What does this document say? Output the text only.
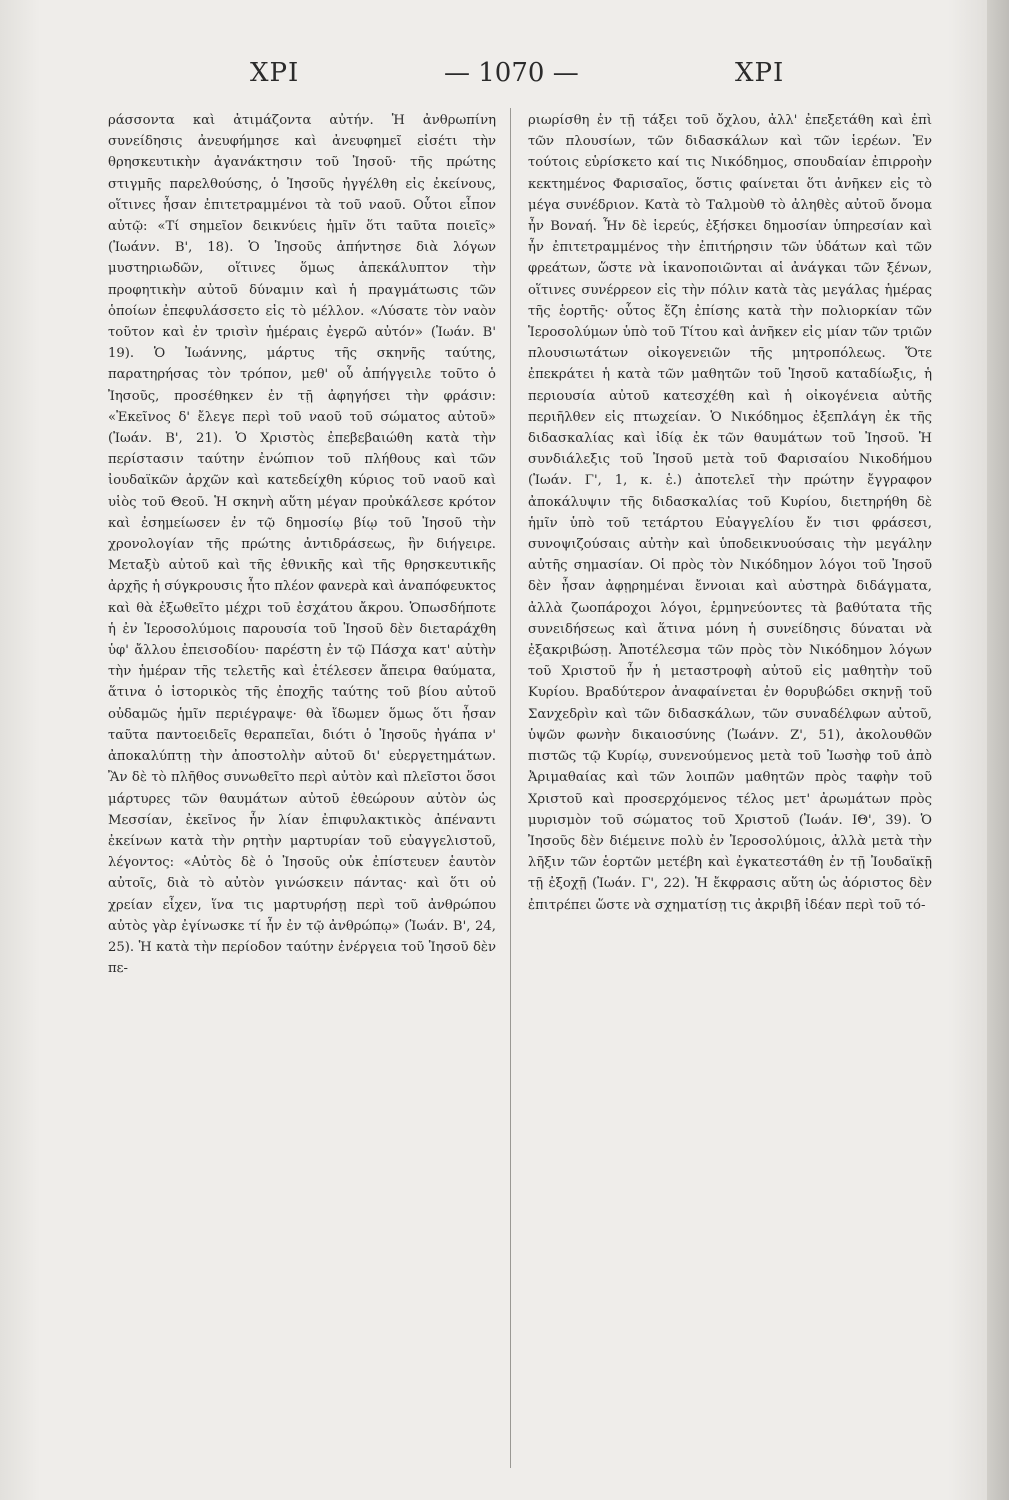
ΧΡΙ	— 1070 —	ΧΡΙ

ράσσοντα καὶ ἀτιμάζοντα αὐτήν. Ἡ ἀνθρωπίνη συνείδησις ἀνευφήμησε καὶ ἀνευφημεῖ εἰσέτι τὴν θρησκευτικὴν ἀγανάκτησιν τοῦ Ἰησοῦ· τῆς πρώτης στιγμῆς παρελθούσης, ὁ Ἰησοῦς ἠγγέλθη εἰς ἐκείνους, οἵτινες ἦσαν ἐπιτετραμμένοι τὰ τοῦ ναοῦ. Οὗτοι εἶπον αὐτῷ: «Τί σημεῖον δεικνύεις ἡμῖν ὅτι ταῦτα ποιεῖς» (Ἰωάνν. Β', 18). Ὁ Ἰησοῦς ἀπήντησε διὰ λόγων μυστηριωδῶν, οἵτινες ὅμως ἀπεκάλυπτον τὴν προφητικὴν αὐτοῦ δύναμιν καὶ ἡ πραγμάτωσις τῶν ὁποίων ἐπεφυλάσσετο εἰς τὸ μέλλον. «Λύσατε τὸν ναὸν τοῦτον καὶ ἐν τρισὶν ἡμέραις ἐγερῶ αὐτόν» (Ἰωάν. Β' 19). Ὁ Ἰωάννης, μάρτυς τῆς σκηνῆς ταύτης, παρατηρήσας τὸν τρόπον, μεθ' οὗ ἀπήγγειλε τοῦτο ὁ Ἰησοῦς, προσέθηκεν ἐν τῇ ἀφηγήσει τὴν φράσιν: «Ἐκεῖνος δ' ἔλεγε περὶ τοῦ ναοῦ τοῦ σώματος αὐτοῦ» (Ἰωάν. Β', 21). Ὁ Χριστὸς ἐπεβεβαιώθη κατὰ τὴν περίστασιν ταύτην ἐνώπιον τοῦ πλήθους καὶ τῶν ἰουδαϊκῶν ἀρχῶν καὶ κατεδείχθη κύριος τοῦ ναοῦ καὶ υἱὸς τοῦ Θεοῦ. Ἡ σκηνὴ αὕτη μέγαν προὐκάλεσε κρότον καὶ ἐσημείωσεν ἐν τῷ δημοσίῳ βίῳ τοῦ Ἰησοῦ τὴν χρονολογίαν τῆς πρώτης ἀντιδράσεως, ἣν διήγειρε. Μεταξὺ αὐτοῦ καὶ τῆς ἐθνικῆς καὶ τῆς θρησκευτικῆς ἀρχῆς ἡ σύγκρουσις ἦτο πλέον φανερὰ καὶ ἀναπόφευκτος καὶ θὰ ἐξωθεῖτο μέχρι τοῦ ἐσχάτου ἄκρου. Ὁπωσδήποτε ἡ ἐν Ἱεροσολύμοις παρουσία τοῦ Ἰησοῦ δὲν διεταράχθη ὑφ' ἄλλου ἐπεισοδίου· παρέστη ἐν τῷ Πάσχα κατ' αὐτὴν τὴν ἡμέραν τῆς τελετῆς καὶ ἐτέλεσεν ἄπειρα θαύματα, ἅτινα ὁ ἱστορικὸς τῆς ἐποχῆς ταύτης τοῦ βίου αὐτοῦ οὐδαμῶς ἡμῖν περιέγραψε· θὰ ἴδωμεν ὅμως ὅτι ἦσαν ταῦτα παντοειδεῖς θεραπεῖαι, διότι ὁ Ἰησοῦς ἠγάπα ν' ἀποκαλύπτῃ τὴν ἀποστολὴν αὐτοῦ δι' εὐεργετημάτων. Ἂν δὲ τὸ πλῆθος συνωθεῖτο περὶ αὐτὸν καὶ πλεῖστοι ὅσοι μάρτυρες τῶν θαυμάτων αὐτοῦ ἐθεώρουν αὐτὸν ὡς Μεσσίαν, ἐκεῖνος ἦν λίαν ἐπιφυλακτικὸς ἀπέναντι ἐκείνων κατὰ τὴν ρητὴν μαρτυρίαν τοῦ εὐαγγελιστοῦ, λέγοντος: «Αὐτὸς δὲ ὁ Ἰησοῦς οὐκ ἐπίστευεν ἑαυτὸν αὐτοῖς, διὰ τὸ αὐτὸν γινώσκειν πάντας· καὶ ὅτι οὐ χρείαν εἶχεν, ἵνα τις μαρτυρήσῃ περὶ τοῦ ἀνθρώπου αὐτὸς γὰρ ἐγίνωσκε τί ἦν ἐν τῷ ἀνθρώπῳ» (Ἰωάν. Β', 24, 25). Ἡ κατὰ τὴν περίοδον ταύτην ἐνέργεια τοῦ Ἰησοῦ δὲν πε-

ριωρίσθη ἐν τῇ τάξει τοῦ ὄχλου, ἀλλ' ἐπεξετάθη καὶ ἐπὶ τῶν πλουσίων, τῶν διδασκάλων καὶ τῶν ἱερέων. Ἐν τούτοις εὑρίσκετο καί τις Νικόδημος, σπουδαίαν ἐπιρροὴν κεκτημένος Φαρισαῖος, ὅστις φαίνεται ὅτι ἀνῆκεν εἰς τὸ μέγα συνέδριον. Κατὰ τὸ Ταλμοὺθ τὸ ἀληθὲς αὐτοῦ ὄνομα ἦν Βοναή. Ἦν δὲ ἱερεύς, ἐξήσκει δημοσίαν ὑπηρεσίαν καὶ ἦν ἐπιτετραμμένος τὴν ἐπιτήρησιν τῶν ὑδάτων καὶ τῶν φρεάτων, ὥστε νὰ ἱκανοποιῶνται αἱ ἀνάγκαι τῶν ξένων, οἵτινες συνέρρεον εἰς τὴν πόλιν κατὰ τὰς μεγάλας ἡμέρας τῆς ἑορτῆς· οὗτος ἔζη ἐπίσης κατὰ τὴν πολιορκίαν τῶν Ἱεροσολύμων ὑπὸ τοῦ Τίτου καὶ ἀνῆκεν εἰς μίαν τῶν τριῶν πλουσιωτάτων οἰκογενειῶν τῆς μητροπόλεως. Ὅτε ἐπεκράτει ἡ κατὰ τῶν μαθητῶν τοῦ Ἰησοῦ καταδίωξις, ἡ περιουσία αὐτοῦ κατεσχέθη καὶ ἡ οἰκογένεια αὐτῆς περιῆλθεν εἰς πτωχείαν. Ὁ Νικόδημος ἐξεπλάγη ἐκ τῆς διδασκαλίας καὶ ἰδίᾳ ἐκ τῶν θαυμάτων τοῦ Ἰησοῦ. Ἡ συνδιάλεξις τοῦ Ἰησοῦ μετὰ τοῦ Φαρισαίου Νικοδήμου (Ἰωάν. Γ', 1, κ. ἑ.) ἀποτελεῖ τὴν πρώτην ἔγγραφον ἀποκάλυψιν τῆς διδασκαλίας τοῦ Κυρίου, διετηρήθη δὲ ἡμῖν ὑπὸ τοῦ τετάρτου Εὐαγγελίου ἔν τισι φράσεσι, συνοψιζούσαις αὐτὴν καὶ ὑποδεικνυούσαις τὴν μεγάλην αὐτῆς σημασίαν. Οἱ πρὸς τὸν Νικόδημον λόγοι τοῦ Ἰησοῦ δὲν ἦσαν ἀφῃρημέναι ἔννοιαι καὶ αὐστηρὰ διδάγματα, ἀλλὰ ζωοπάροχοι λόγοι, ἑρμηνεύοντες τὰ βαθύτατα τῆς συνειδήσεως καὶ ἅτινα μόνη ἡ συνείδησις δύναται νὰ ἐξακριβώσῃ. Ἀποτέλεσμα τῶν πρὸς τὸν Νικόδημον λόγων τοῦ Χριστοῦ ἦν ἡ μεταστροφὴ αὐτοῦ εἰς μαθητὴν τοῦ Κυρίου. Βραδύτερον ἀναφαίνεται ἐν θορυβώδει σκηνῇ τοῦ Σανχεδρὶν καὶ τῶν διδασκάλων, τῶν συναδέλφων αὐτοῦ, ὑψῶν φωνὴν δικαιοσύνης (Ἰωάνν. Ζ', 51), ἀκολουθῶν πιστῶς τῷ Κυρίῳ, συνενούμενος μετὰ τοῦ Ἰωσὴφ τοῦ ἀπὸ Ἀριμαθαίας καὶ τῶν λοιπῶν μαθητῶν πρὸς ταφὴν τοῦ Χριστοῦ καὶ προσερχόμενος τέλος μετ' ἀρωμάτων πρὸς μυρισμὸν τοῦ σώματος τοῦ Χριστοῦ (Ἰωάν. ΙΘ', 39). Ὁ Ἰησοῦς δὲν διέμεινε πολὺ ἐν Ἱεροσολύμοις, ἀλλὰ μετὰ τὴν λῆξιν τῶν ἑορτῶν μετέβη καὶ ἐγκατεστάθη ἐν τῇ Ἰουδαϊκῇ τῇ ἐξοχῇ (Ἰωάν. Γ', 22). Ἡ ἔκφρασις αὕτη ὡς ἀόριστος δὲν ἐπιτρέπει ὥστε νὰ σχηματίσῃ τις ἀκριβῆ ἰδέαν περὶ τοῦ τό-
